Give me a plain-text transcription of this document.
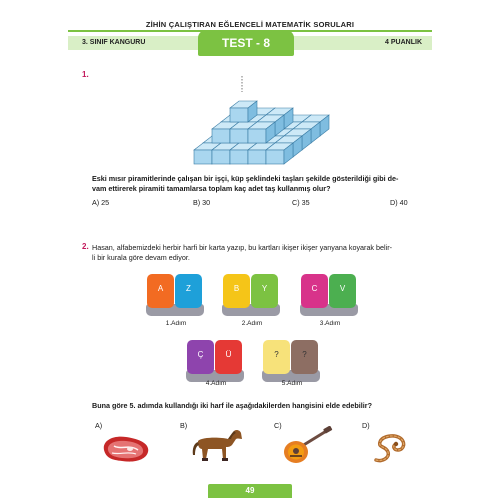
ZİHİN ÇALIŞTIRAN EĞLENCELİ MATEMATİK SORULARI
3. SINIF KANGURU	4 PUANLIK
TEST - 8
1.
Eski mısır piramitlerinde çalışan bir işçi, küp şeklindeki taşları şekilde gösterildiği gibi de-
vam ettirerek piramiti tamamlarsa toplam kaç adet taş kullanmış olur?
A) 25	B) 30	C) 35	D) 40
2. Hasan, alfabemizdeki herbir harfi bir karta yazıp, bu kartları ikişer ikişer yanyana koyarak belir-
li bir kurala göre devam ediyor.
A	Z
1.Adım
B	Y
2.Adım
C	V
3.Adım
Ç	Ü
4.Adım
?	?
5.Adım
Buna göre 5. adımda kullandığı iki harf ile aşağıdakilerden hangisini elde edebilir?
A)	B)	C)	D)
49
